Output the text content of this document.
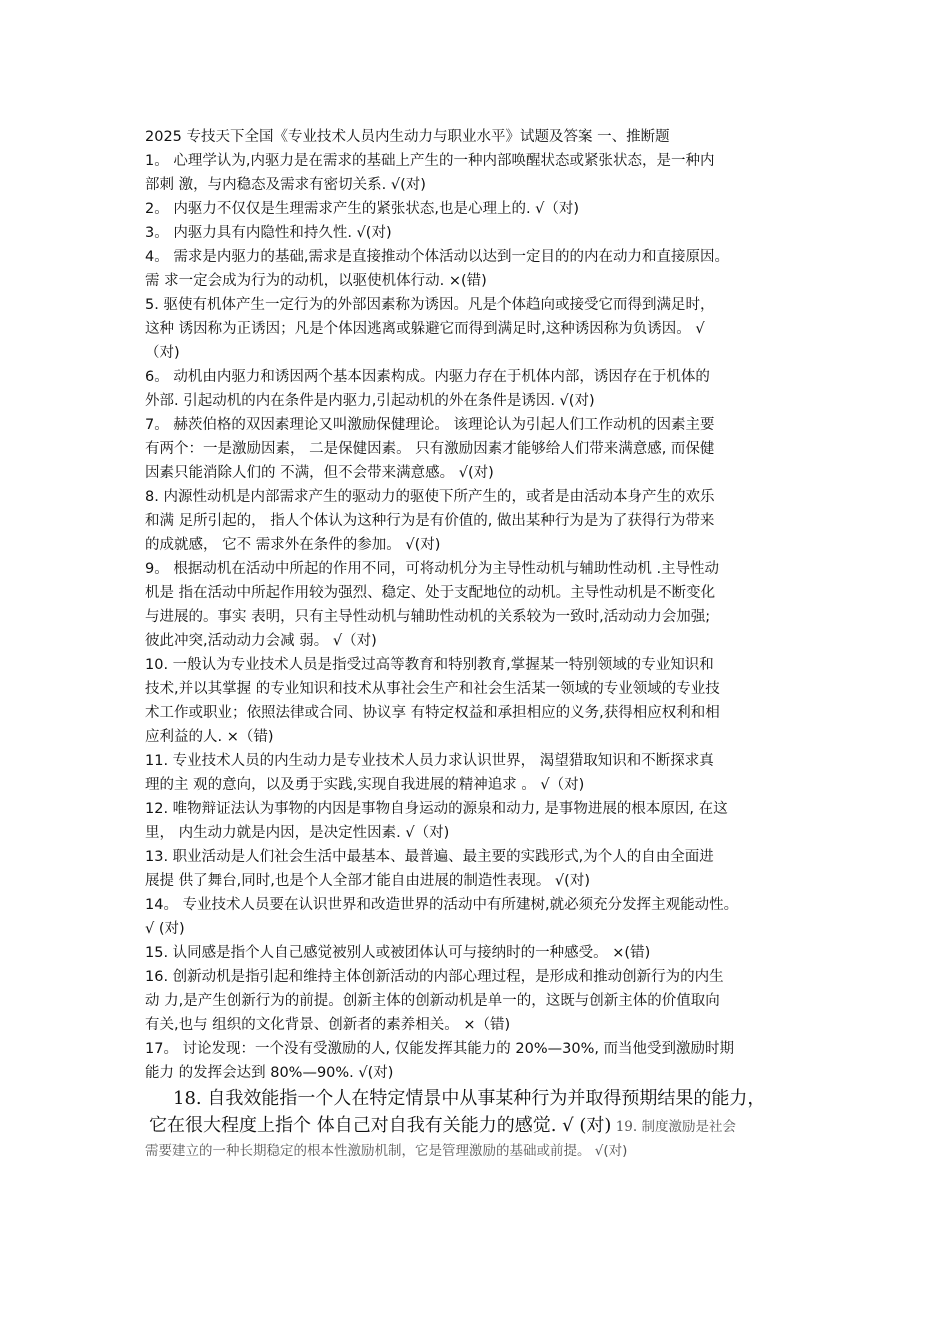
2025 专技天下全国《专业技术人员内生动力与职业水平》试题及答案 一、推断题

1。 心理学认为,内驱力是在需求的基础上产生的一种内部唤醒状态或紧张状态，是一种内

部刺 激，与内稳态及需求有密切关系. √(对)

2。 内驱力不仅仅是生理需求产生的紧张状态,也是心理上的. √（对)

3。 内驱力具有内隐性和持久性. √(对)

4。 需求是内驱力的基础,需求是直接推动个体活动以达到一定目的的内在动力和直接原因。

需 求一定会成为行为的动机，以驱使机体行动. ×(错)

5. 驱使有机体产生一定行为的外部因素称为诱因。凡是个体趋向或接受它而得到满足时，

这种 诱因称为正诱因；凡是个体因逃离或躲避它而得到满足时,这种诱因称为负诱因。 √

（对)

6。 动机由内驱力和诱因两个基本因素构成。内驱力存在于机体内部，诱因存在于机体的

外部. 引起动机的内在条件是内驱力,引起动机的外在条件是诱因. √(对)

7。 赫茨伯格的双因素理论又叫激励保健理论。 该理论认为引起人们工作动机的因素主要

有两个：一是激励因素， 二是保健因素。 只有激励因素才能够给人们带来满意感, 而保健

因素只能消除人们的 不满，但不会带来满意感。 √(对)

8. 内源性动机是内部需求产生的驱动力的驱使下所产生的，或者是由活动本身产生的欢乐

和满 足所引起的， 指人个体认为这种行为是有价值的, 做出某种行为是为了获得行为带来

的成就感， 它不 需求外在条件的参加。 √(对)

9。 根据动机在活动中所起的作用不同，可将动机分为主导性动机与辅助性动机 .主导性动

机是 指在活动中所起作用较为强烈、稳定、处于支配地位的动机。主导性动机是不断变化

与进展的。事实 表明，只有主导性动机与辅助性动机的关系较为一致时,活动动力会加强;

彼此冲突,活动动力会减 弱。 √（对)

10. 一般认为专业技术人员是指受过高等教育和特别教育,掌握某一特别领域的专业知识和

技术,并以其掌握 的专业知识和技术从事社会生产和社会生活某一领域的专业领域的专业技

术工作或职业；依照法律或合同、协议享 有特定权益和承担相应的义务,获得相应权利和相

应利益的人. ×（错)

11. 专业技术人员的内生动力是专业技术人员力求认识世界， 渴望猎取知识和不断探求真

理的主 观的意向，以及勇于实践,实现自我进展的精神追求 。 √（对)

12. 唯物辩证法认为事物的内因是事物自身运动的源泉和动力, 是事物进展的根本原因, 在这

里， 内生动力就是内因，是决定性因素. √（对)

13. 职业活动是人们社会生活中最基本、最普遍、最主要的实践形式,为个人的自由全面进

展提 供了舞台,同时,也是个人全部才能自由进展的制造性表现。 √(对)

14。 专业技术人员要在认识世界和改造世界的活动中有所建树,就必须充分发挥主观能动性。

√ (对)

15. 认同感是指个人自己感觉被别人或被团体认可与接纳时的一种感受。 ×(错)

16. 创新动机是指引起和维持主体创新活动的内部心理过程，是形成和推动创新行为的内生

动 力,是产生创新行为的前提。创新主体的创新动机是单一的，这既与创新主体的价值取向

有关,也与 组织的文化背景、创新者的素养相关。 ×（错)

17。 讨论发现：一个没有受激励的人, 仅能发挥其能力的 20%—30%, 而当他受到激励时期

能力 的发挥会达到 80%—90%. √(对)

18. 自我效能指一个人在特定情景中从事某种行为并取得预期结果的能力，
它在很大程度上指个 体自己对自我有关能力的感觉. √ (对) 19. 制度激励是社会
需要建立的一种长期稳定的根本性激励机制，它是管理激励的基础或前提。 √(对)
